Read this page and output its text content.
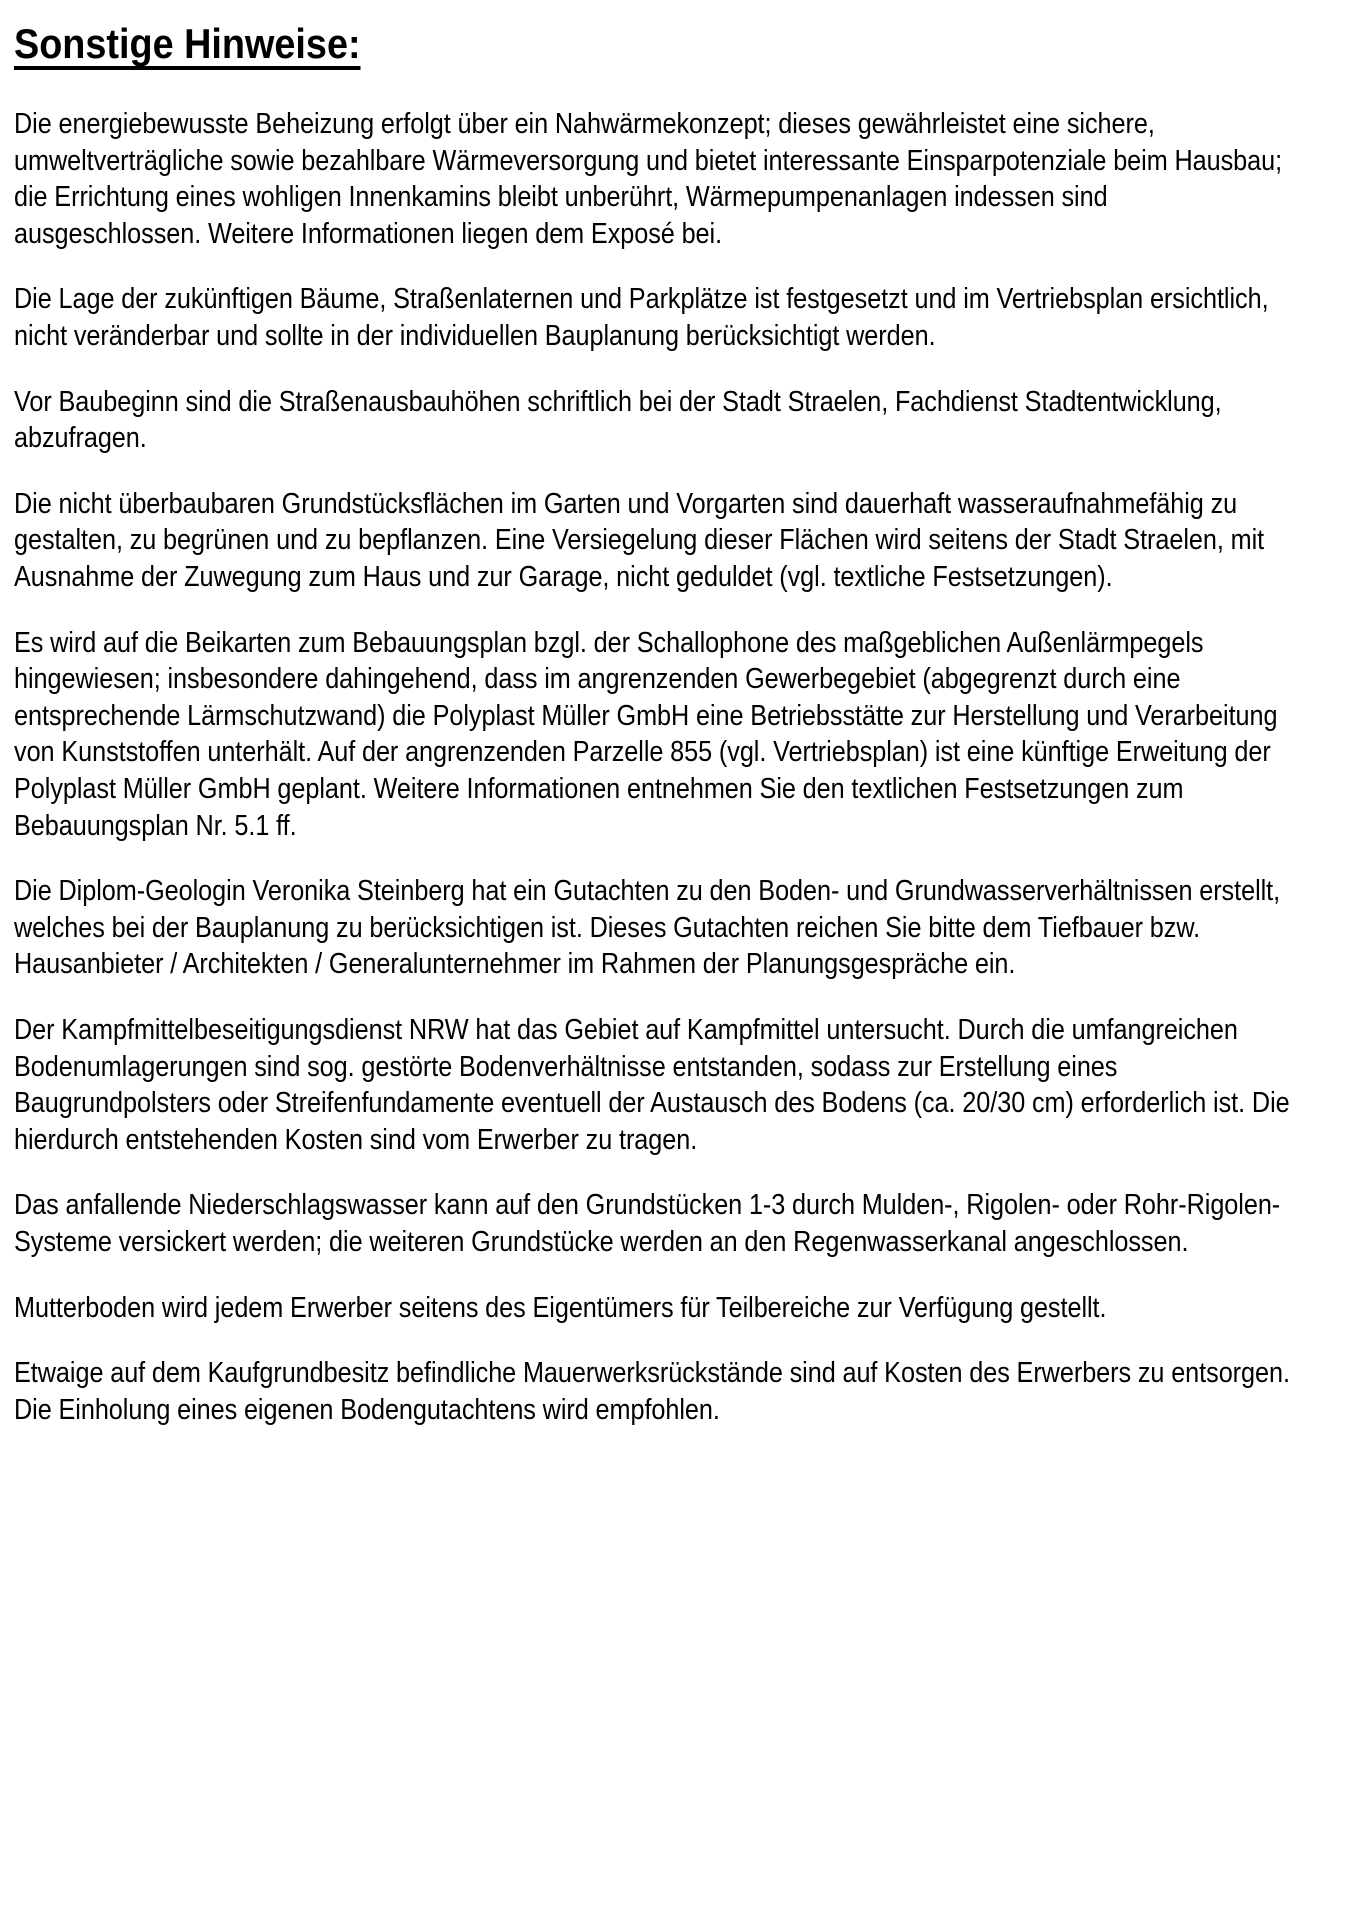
Sonstige Hinweise:

Die energiebewusste Beheizung erfolgt über ein Nahwärmekonzept; dieses gewährleistet eine sichere, umweltverträgliche sowie bezahlbare Wärmeversorgung und bietet interessante Einsparpotenziale beim Hausbau; die Errichtung eines wohligen Innenkamins bleibt unberührt, Wärmepumpenanlagen indessen sind ausgeschlossen. Weitere Informationen liegen dem Exposé bei.

Die Lage der zukünftigen Bäume, Straßenlaternen und Parkplätze ist festgesetzt und im Vertriebsplan ersichtlich, nicht veränderbar und sollte in der individuellen Bauplanung berücksichtigt werden.

Vor Baubeginn sind die Straßenausbauhöhen schriftlich bei der Stadt Straelen, Fachdienst Stadtentwicklung, abzufragen.

Die nicht überbaubaren Grundstücksflächen im Garten und Vorgarten sind dauerhaft wasseraufnahmefähig zu gestalten, zu begrünen und zu bepflanzen. Eine Versiegelung dieser Flächen wird seitens der Stadt Straelen, mit Ausnahme der Zuwegung zum Haus und zur Garage, nicht geduldet (vgl. textliche Festsetzungen).

Es wird auf die Beikarten zum Bebauungsplan bzgl. der Schallophone des maßgeblichen Außenlärmpegels hingewiesen; insbesondere dahingehend, dass im angrenzenden Gewerbegebiet (abgegrenzt durch eine entsprechende Lärmschutzwand) die Polyplast Müller GmbH eine Betriebsstätte zur Herstellung und Verarbeitung von Kunststoffen unterhält. Auf der angrenzenden Parzelle 855 (vgl. Vertriebsplan) ist eine künftige Erweitung der Polyplast Müller GmbH geplant. Weitere Informationen entnehmen Sie den textlichen Festsetzungen zum Bebauungsplan Nr. 5.1 ff.

Die Diplom-Geologin Veronika Steinberg hat ein Gutachten zu den Boden- und Grundwasserverhältnissen erstellt, welches bei der Bauplanung zu berücksichtigen ist. Dieses Gutachten reichen Sie bitte dem Tiefbauer bzw. Hausanbieter / Architekten / Generalunternehmer im Rahmen der Planungsgespräche ein.

Der Kampfmittelbeseitigungsdienst NRW hat das Gebiet auf Kampfmittel untersucht. Durch die umfangreichen Bodenumlagerungen sind sog. gestörte Bodenverhältnisse entstanden, sodass zur Erstellung eines Baugrundpolsters oder Streifenfundamente eventuell der Austausch des Bodens (ca. 20/30 cm) erforderlich ist. Die hierdurch entstehenden Kosten sind vom Erwerber zu tragen.

Das anfallende Niederschlagswasser kann auf den Grundstücken 1-3 durch Mulden-, Rigolen- oder Rohr-Rigolen-Systeme versickert werden; die weiteren Grundstücke werden an den Regenwasserkanal angeschlossen.

Mutterboden wird jedem Erwerber seitens des Eigentümers für Teilbereiche zur Verfügung gestellt.

Etwaige auf dem Kaufgrundbesitz befindliche Mauerwerksrückstände sind auf Kosten des Erwerbers zu entsorgen. Die Einholung eines eigenen Bodengutachtens wird empfohlen.
